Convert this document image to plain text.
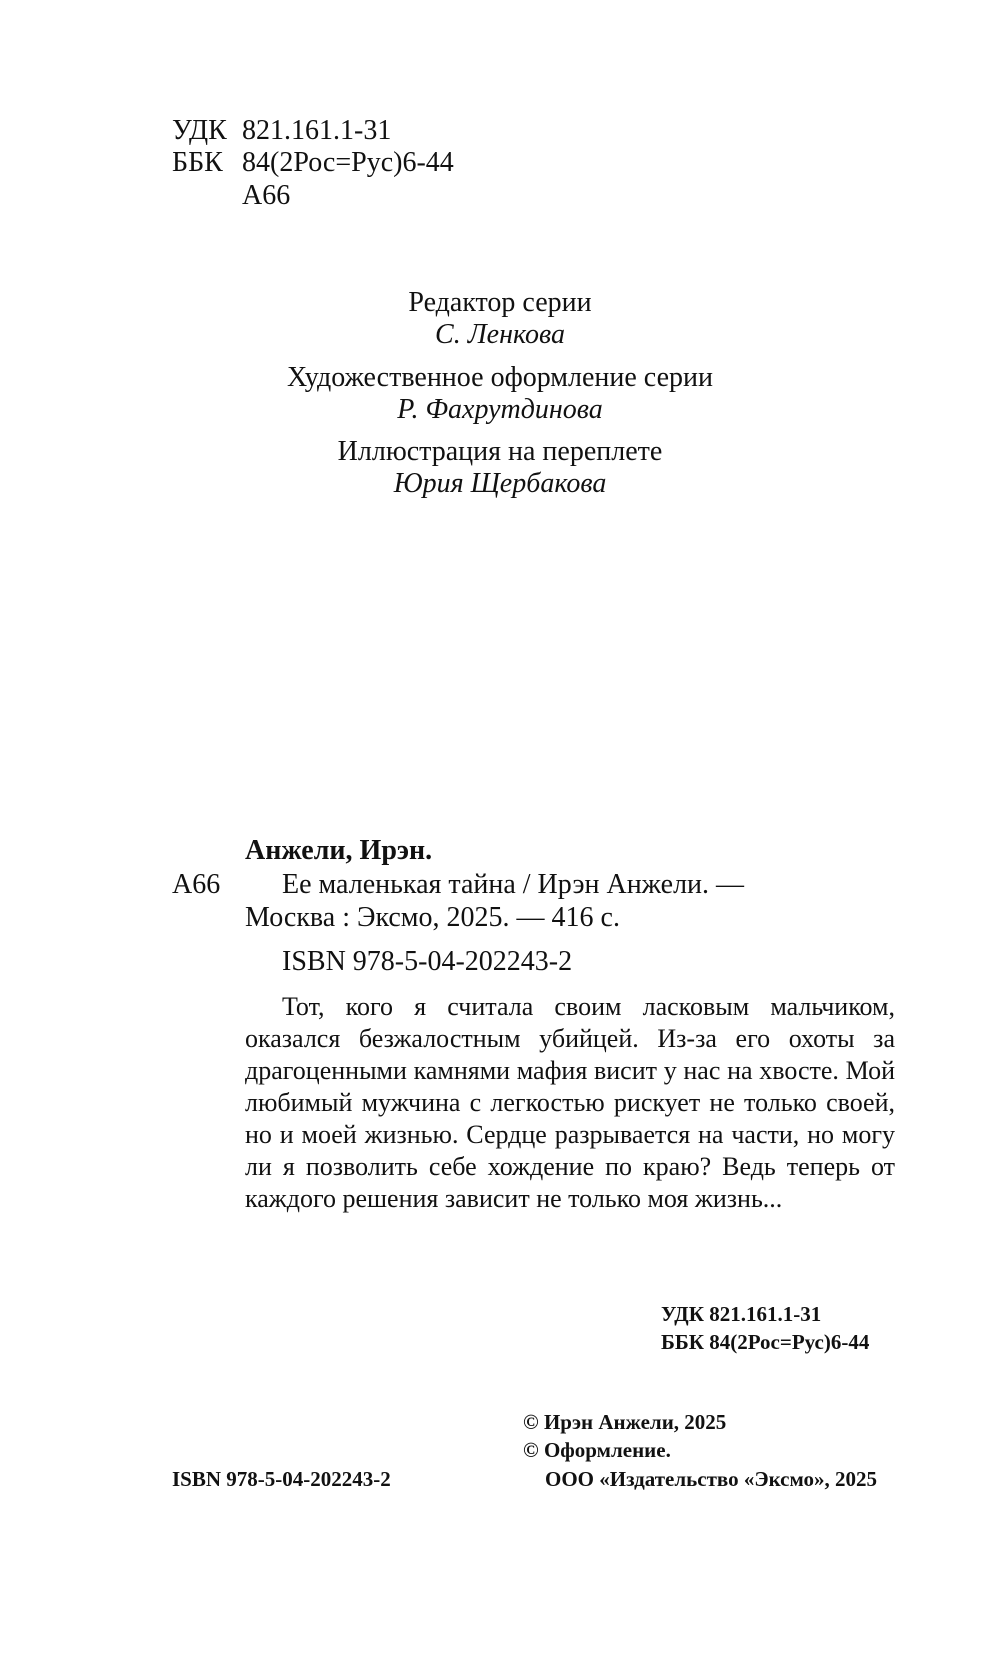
УДК 821.161.1-31
ББК 84(2Рос=Рус)6-44
А66
Редактор серии
С. Ленкова
Художественное оформление серии
Р. Фахрутдинова
Иллюстрация на переплете
Юрия Щербакова
Анжели, Ирэн.
А66 Ее маленькая тайна / Ирэн Анжели. —
Москва : Эксмо, 2025. — 416 с.
ISBN 978-5-04-202243-2
Тот, кого я считала своим ласковым мальчиком, оказался безжалостным убийцей. Из-за его охоты за драгоценными камнями мафия висит у нас на хвосте. Мой любимый мужчина с легкостью рискует не только своей, но и моей жизнью. Сердце разрывается на части, но могу ли я позволить себе хождение по краю? Ведь теперь от каждого решения зависит не только моя жизнь...
УДК 821.161.1-31
ББК 84(2Рос=Рус)6-44
© Ирэн Анжели, 2025
© Оформление.
ISBN 978-5-04-202243-2	ООО «Издательство «Эксмо», 2025
